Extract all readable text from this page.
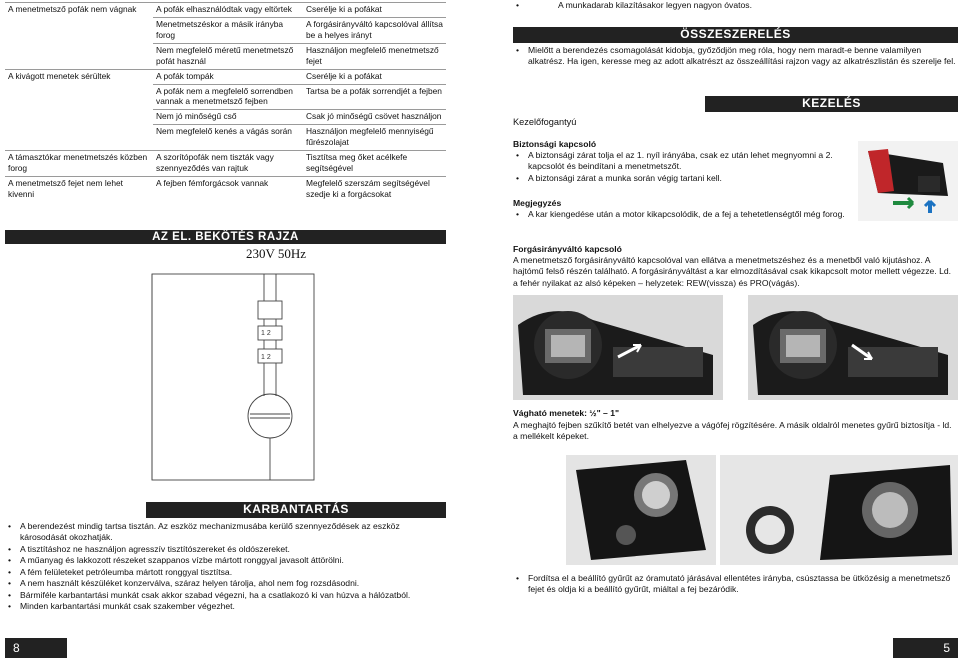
A menetmetsző pofák nem vágnak	A pofák elhasználódtak vagy eltörtek	Cserélje ki a pofákat
	Menetmetszéskor a másik irányba forog	A forgásirányváltó kapcsolóval állítsa be a helyes irányt
	Nem megfelelő méretű menetmetsző pofát használ	Használjon megfelelő menetmetsző fejet
A kivágott menetek sérültek	A pofák tompák	Cserélje ki a pofákat
	A pofák nem a megfelelő sorrendben vannak a menetmetsző fejben	Tartsa be a pofák sorrendjét a fejben
	Nem jó minőségű cső	Csak jó minőségű csövet használjon
	Nem megfelelő kenés a vágás során	Használjon megfelelő mennyiségű fűrészolajat
A támasztókar menetmetszés közben forog	A szorítópofák nem tiszták vagy szennyeződés van rajtuk	Tisztítsa meg őket acélkefe segítségével
A menetmetsző fejet nem lehet kivenni	A fejben fémforgácsok vannak	Megfelelő szerszám segítségével szedje ki a forgácsokat
AZ EL. BEKÖTÉS RAJZA
230V 50Hz
1 2
1 2
KARBANTARTÁS
• A berendezést mindig tartsa tisztán. Az eszköz mechanizmusába kerülő szennyeződések az eszköz károsodását okozhatják.
• A tisztításhoz ne használjon agresszív tisztítószereket és oldószereket.
• A műanyag és lakkozott részeket szappanos vízbe mártott ronggyal javasolt áttörölni.
• A fém felületeket petróleumba mártott ronggyal tisztítsa.
• A nem használt készüléket konzerválva, száraz helyen tárolja, ahol nem fog rozsdásodni.
• Bármiféle karbantartási munkát csak akkor szabad végezni, ha a csatlakozó ki van húzva a hálózatból.
• Minden karbantartási munkát csak szakember végezhet.
8
• A munkadarab kilazításakor legyen nagyon óvatos.
ÖSSZESZERELÉS
• Mielőtt a berendezés csomagolását kidobja, győződjön meg róla, hogy nem maradt-e benne valamilyen alkatrész. Ha igen, keresse meg az adott alkatrészt az összeállítási rajzon vagy az alkatrészlistán és szerelje fel.
KEZELÉS
Kezelőfogantyú
Biztonsági kapcsoló
• A biztonsági zárat tolja el az 1. nyíl irányába, csak ez után lehet megnyomni a 2. kapcsolót és beindítani a menetmetszőt.
• A biztonsági zárat a munka során végig tartani kell.
Megjegyzés
• A kar kiengedése után a motor kikapcsolódik, de a fej a tehetetlenségtől még forog.
Forgásirányváltó kapcsoló
A menetmetsző forgásirányváltó kapcsolóval van ellátva a menetmetszéshez és a menetből való kijutáshoz. A hajtómű felső részén található. A forgásirányváltást a kar elmozdításával csak kikapcsolt motor mellett végezze. Ld. a fehér nyilakat az alsó képeken – helyzetek: REW(vissza) és PRO(vágás).
Vágható menetek: ½" – 1"
A meghajtó fejben szűkítő betét van elhelyezve a vágófej rögzítésére. A másik oldalról menetes gyűrű biztosítja - ld. a mellékelt képeket.
• Fordítsa el a beállító gyűrűt az óramutató járásával ellentétes irányba, csúsztassa be ütközésig a menetmetsző fejet és oldja ki a beállító gyűrűt, miáltal a fej bezáródik.
5
